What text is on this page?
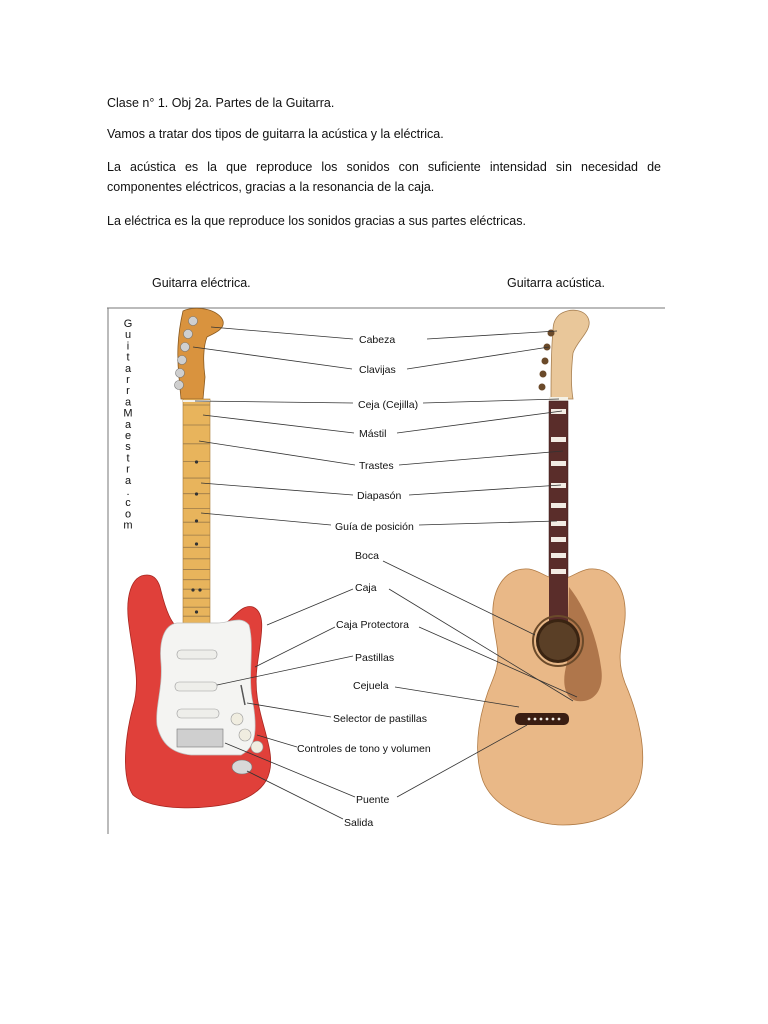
Clase n° 1. Obj 2a. Partes de la Guitarra.

Vamos a tratar dos tipos de guitarra la acústica y la eléctrica.

La acústica es la que reproduce los sonidos con suficiente intensidad sin necesidad de componentes eléctricos, gracias a la resonancia de la caja.

La eléctrica es la que reproduce los sonidos gracias a sus partes eléctricas.

Guitarra eléctrica.	Guitarra acústica.
G
u
i
t
a
r
r
a
M
a
e
s
t
r
a
.
c
o
m
Cabeza
Clavijas
Ceja (Cejilla)
Mástil
Trastes
Diapasón
Guía de posición
Boca
Caja
Caja Protectora
Pastillas
Cejuela
Selector de pastillas
Controles de tono y volumen
Puente
Salida
